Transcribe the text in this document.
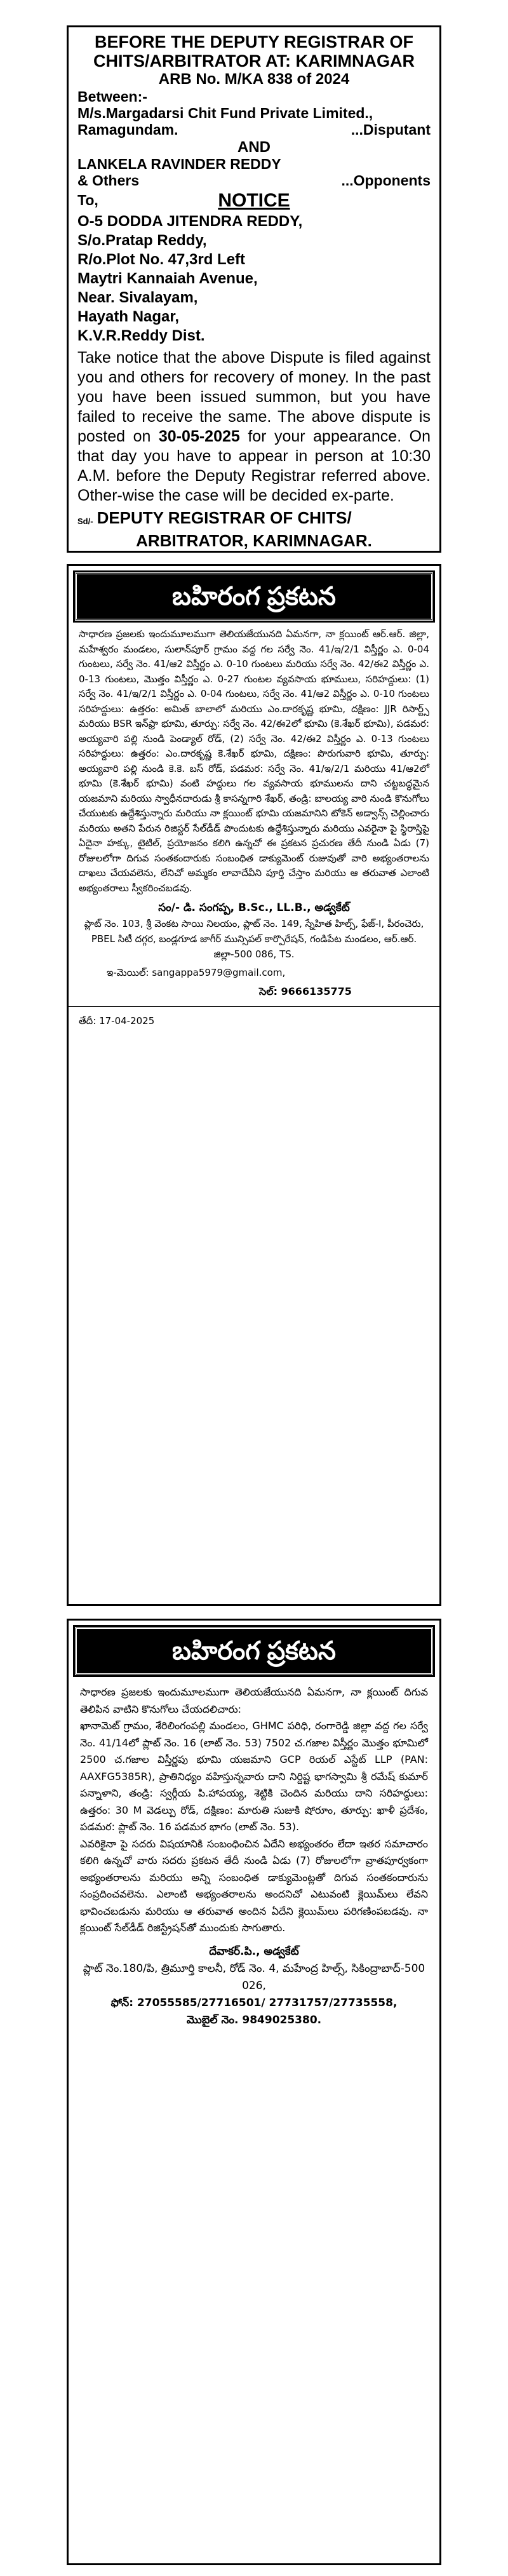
BEFORE THE DEPUTY REGISTRAR OF

CHITS/ARBITRATOR AT: KARIMNAGAR

ARB No. M/KA 838 of 2024

Between:-

M/s.Margadarsi Chit Fund Private Limited.,

Ramagundam.	...Disputant

AND

LANKELA RAVINDER REDDY

& Others	...Opponents

To,	NOTICE

O-5 DODDA JITENDRA REDDY,

S/o.Pratap Reddy,

R/o.Plot No. 47,3rd Left

Maytri Kannaiah Avenue,

Near. Sivalayam,

Hayath Nagar,

K.V.R.Reddy Dist.

Take notice that the above Dispute is filed against you and others for recovery of money. In the past you have been issued summon, but you have failed to receive the same. The above dispute is posted on 30-05-2025 for your appearance. On that day you have to appear in person at 10:30 A.M. before the Deputy Registrar referred above. Other-wise the case will be decided ex-parte.

Sd/- DEPUTY REGISTRAR OF CHITS/

ARBITRATOR, KARIMNAGAR.

బహిరంగ ప్రకటన
సాధారణ ప్రజలకు ఇందుమూలముగా తెలియజేయునది ఏమనగా, నా క్లయింట్ ఆర్.ఆర్. జిల్లా, మహేశ్వరం మండలం, సులాన్‌పూర్ గ్రామం వద్ద గల సర్వే నెం. 41/ఇ/2/1 విస్తీర్ణం ఎ. 0-04 గుంటలు, సర్వే నెం. 41/ఆ2 విస్తీర్ణం ఎ. 0-10 గుంటలు మరియు సర్వే నెం. 42/ఈ2 విస్తీర్ణం ఎ. 0-13 గుంటలు, మొత్తం విస్తీర్ణం ఎ. 0-27 గుంటల వ్యవసాయ భూములు, సరిహద్దులు: (1) సర్వే నెం. 41/ఇ/2/1 విస్తీర్ణం ఎ. 0-04 గుంటలు, సర్వే నెం. 41/ఆ2 విస్తీర్ణం ఎ. 0-10 గుంటలు సరిహద్దులు: ఉత్తరం: అమిత్ బాలాలో మరియు ఎం.దారకృష్ణ భూమి, దక్షిణం: JJR రిసార్ట్స్ మరియు BSR ఇన్‌ఫ్రా భూమి, తూర్పు: సర్వే నెం. 42/ఈ2లో భూమి (కె.శేఖర్ భూమి), పడమర: అయ్యవారి పల్లి నుండి పెండ్యాల్ రోడ్, (2) సర్వే నెం. 42/ఈ2 విస్తీర్ణం ఎ. 0-13 గుంటలు సరిహద్దులు: ఉత్తరం: ఎం.దారకృష్ణ కె.శేఖర్ భూమి, దక్షిణం: పొరుగువారి భూమి, తూర్పు: అయ్యవారి పల్లి నుండి కె.కె. బస్ రోడ్, పడమర: సర్వే నెం. 41/ఇ/2/1 మరియు 41/ఆ2లో భూమి (కె.శేఖర్ భూమి) వంటి హద్దులు గల వ్యవసాయ భూములను దాని చట్టబద్ధమైన యజమాని మరియు స్వాధీనదారుడు శ్రీ కాసన్నగారి శేఖర్, తండ్రి: బాలయ్య వారి నుండి కొనుగోలు చేయుటకు ఉద్దేశిస్తున్నారు మరియు నా క్లయింట్ భూమి యజమానిని టోకెన్ అడ్వాన్స్ చెల్లించారు మరియు అతని పేరున రిజిస్టర్ సేల్‌డీడ్ పొందుటకు ఉద్దేశిస్తున్నారు మరియు ఎవరైనా పై స్థిరాస్తిపై ఏదైనా హక్కు, టైటిల్, ప్రయోజనం కలిగి ఉన్నచో ఈ ప్రకటన ప్రచురణ తేదీ నుండి ఏడు (7) రోజులలోగా దిగువ సంతకందారుకు సంబంధిత డాక్యుమెంట్ రుజువుతో వారి అభ్యంతరాలను దాఖలు చేయవలెను, లేనిచో అమ్మకం లావాదేవీని పూర్తి చేస్తాం మరియు ఆ తరువాత ఎలాంటి అభ్యంతరాలు స్వీకరించబడవు.
సం/- డి. సంగప్ప, B.Sc., LL.B., అడ్వకేట్
ప్లాట్ నెం. 103, శ్రీ వెంకట సాయి నిలయం, ప్లాట్ నెం. 149, స్నేహిత హిల్స్, ఫేజ్-I, పీరంచెరు, PBEL సిటీ దగ్గర, బండ్లగూడ జాగీర్ మున్సిపల్ కార్పొరేషన్, గండిపేట మండలం, ఆర్.ఆర్. జిల్లా-500 086, TS.
ఇ-మెయిల్: sangappa5979@gmail.com,
సెల్: 9666135775
తేదీ: 17-04-2025
బహిరంగ ప్రకటన
సాధారణ ప్రజలకు ఇందుమూలముగా తెలియజేయునది ఏమనగా, నా క్లయింట్ దిగువ తెలిపిన వాటిని కొనుగోలు చేయదలిచారు:
ఖానామెట్ గ్రామం, శేరిలింగంపల్లి మండలం, GHMC పరిధి, రంగారెడ్డి జిల్లా వద్ద గల సర్వే నెం. 41/14లో ప్లాట్ నెం. 16 (లాట్ నెం. 53) 7502 చ.గజాల విస్తీర్ణం మొత్తం భూమిలో 2500 చ.గజాల విస్తీర్ణపు భూమి యజమాని GCP రియల్ ఎస్టేట్ LLP (PAN: AAXFG5385R), ప్రాతినిధ్యం వహిస్తున్నవారు దాని నిర్దిష్ట భాగస్వామి శ్రీ రమేష్ కుమార్ పన్నాళాని, తండ్రి: స్వర్గీయ పి.హాపయ్య, శెట్టికి చెందిన మరియు దాని సరిహద్దులు: ఉత్తరం: 30 M వెడల్పు రోడ్, దక్షిణం: మారుతి సుజుకి షోరూం, తూర్పు: ఖాళీ ప్రదేశం, పడమర: ప్లాట్ నెం. 16 పడమర భాగం (లాట్ నెం. 53).
ఎవరికైనా పై సదరు విషయానికి సంబంధించిన ఏదేని అభ్యంతరం లేదా ఇతర సమాచారం కలిగి ఉన్నచో వారు సదరు ప్రకటన తేదీ నుండి ఏడు (7) రోజులలోగా వ్రాతపూర్వకంగా అభ్యంతరాలను మరియు అన్ని సంబంధిత డాక్యుమెంట్లతో దిగువ సంతకందారును సంప్రదించవలెను. ఎలాంటి అభ్యంతరాలను అందనిచో ఎటువంటి క్లెయిమ్‌లు లేవని భావించబడును మరియు ఆ తరువాత అందిన ఏదేని క్లెయిమ్‌లు పరిగణింపబడవు. నా క్లయింట్ సేల్‌డీడ్ రిజిస్ట్రేషన్‌తో ముందుకు సాగుతారు.
దేవాకర్.పి., అడ్వకేట్
ప్లాట్ నెం.180/పి, త్రిమూర్తి కాలనీ, రోడ్ నెం. 4, మహేంద్ర హిల్స్, సికింద్రాబాద్-500 026,
ఫోన్: 27055585/27716501/ 27731757/27735558,
మొబైల్ నెం. 9849025380.
